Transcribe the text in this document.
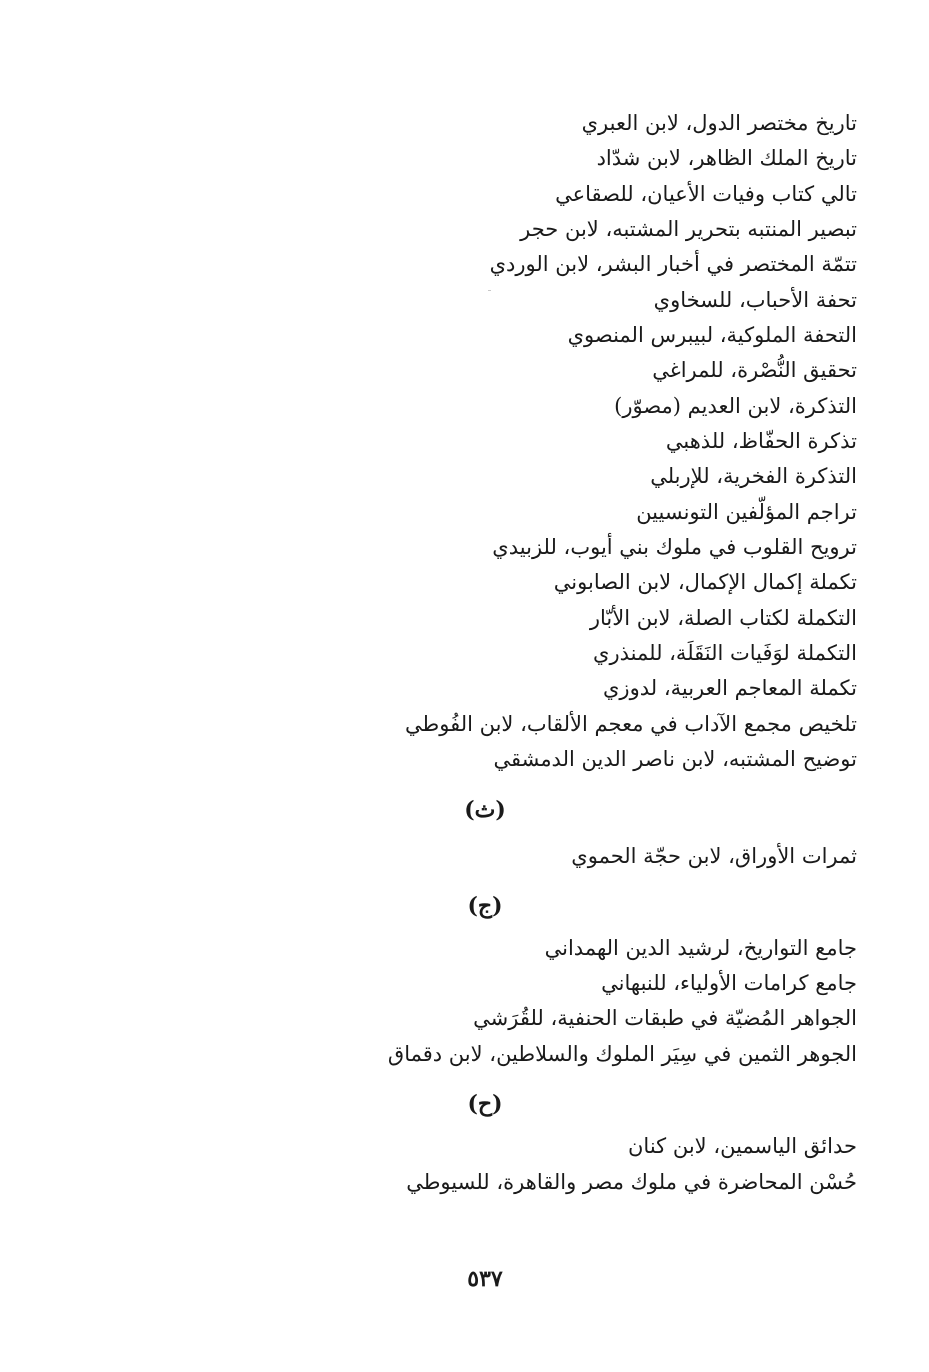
تاريخ مختصر الدول، لابن العبري
تاريخ الملك الظاهر، لابن شدّاد
تالي كتاب وفيات الأعيان، للصقاعي
تبصير المنتبه بتحرير المشتبه، لابن حجر
تتمّة المختصر في أخبار البشر، لابن الوردي
تحفة الأحباب، للسخاوي
التحفة الملوكية، لبيبرس المنصوي
تحقيق النُّصْرة، للمراغي
التذكرة، لابن العديم (مصوّر)
تذكرة الحفّاظ، للذهبي
التذكرة الفخرية، للإربلي
تراجم المؤلّفين التونسيين
ترويح القلوب في ملوك بني أيوب، للزبيدي
تكملة إكمال الإكمال، لابن الصابوني
التكملة لكتاب الصلة، لابن الأبّار
التكملة لوَفَيات النَقَلَة، للمنذري
تكملة المعاجم العربية، لدوزي
تلخيص مجمع الآداب في معجم الألقاب، لابن الفُوطي
توضيح المشتبه، لابن ناصر الدين الدمشقي
(ث)
ثمرات الأوراق، لابن حجّة الحموي
(ج)
جامع التواريخ، لرشيد الدين الهمداني
جامع كرامات الأولياء، للنبهاني
الجواهر المُضيّة في طبقات الحنفية، للقُرَشي
الجوهر الثمين في سِيَر الملوك والسلاطين، لابن دقماق
(ح)
حدائق الياسمين، لابن كنان
حُسْن المحاضرة في ملوك مصر والقاهرة، للسيوطي
٥٣٧
